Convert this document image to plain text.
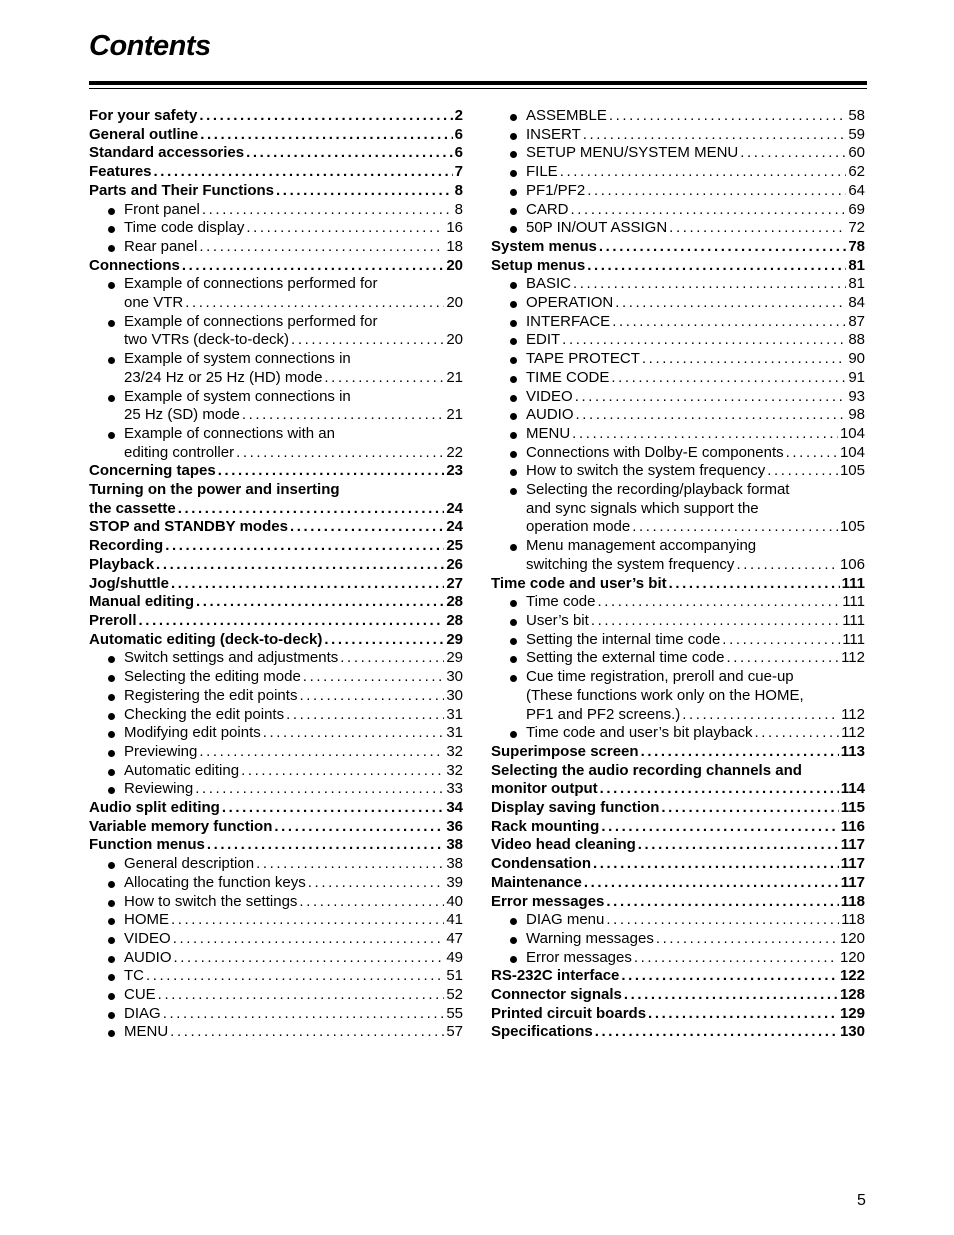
Contents
For your safety .....	2
General outline .....	6
Standard accessories .....	6
Features .....	7
Parts and Their Functions .....	8
Front panel .....	8
Time code display .....	16
Rear panel .....	18
Connections .....	20
Example of connections performed for
one VTR .....	20
Example of connections performed for
two VTRs (deck-to-deck) .....	20
Example of system connections in
23/24 Hz or 25 Hz (HD) mode .....	21
Example of system connections in
25 Hz (SD) mode .....	21
Example of connections with an
editing controller .....	22
Concerning tapes .....	23
Turning on the power and inserting
the cassette .....	24
STOP and STANDBY modes .....	24
Recording .....	25
Playback .....	26
Jog/shuttle .....	27
Manual editing .....	28
Preroll .....	28
Automatic editing (deck-to-deck) .....	29
Switch settings and adjustments .....	29
Selecting the editing mode .....	30
Registering the edit points .....	30
Checking the edit points .....	31
Modifying edit points .....	31
Previewing .....	32
Automatic editing .....	32
Reviewing .....	33
Audio split editing .....	34
Variable memory function .....	36
Function menus .....	38
General description .....	38
Allocating the function keys .....	39
How to switch the settings .....	40
HOME .....	41
VIDEO .....	47
AUDIO .....	49
TC .....	51
CUE .....	52
DIAG .....	55
MENU .....	57
ASSEMBLE .....	58
INSERT .....	59
SETUP MENU/SYSTEM MENU .....	60
FILE .....	62
PF1/PF2 .....	64
CARD .....	69
50P IN/OUT ASSIGN .....	72
System menus .....	78
Setup menus .....	81
BASIC .....	81
OPERATION .....	84
INTERFACE .....	87
EDIT .....	88
TAPE PROTECT .....	90
TIME CODE .....	91
VIDEO .....	93
AUDIO .....	98
MENU .....	104
Connections with Dolby-E components .....	104
How to switch the system frequency .....	105
Selecting the recording/playback format
and sync signals which support the
operation mode .....	105
Menu management accompanying
switching the system frequency .....	106
Time code and user’s bit .....	111
Time code .....	111
User’s bit .....	111
Setting the internal time code .....	111
Setting the external time code .....	112
Cue time registration, preroll and cue-up
(These functions work only on the HOME,
PF1 and PF2 screens.) .....	112
Time code and user’s bit playback .....	112
Superimpose screen .....	113
Selecting the audio recording channels and
monitor output .....	114
Display saving function .....	115
Rack mounting .....	116
Video head cleaning .....	117
Condensation .....	117
Maintenance .....	117
Error messages .....	118
DIAG menu .....	118
Warning messages .....	120
Error messages .....	120
RS-232C interface .....	122
Connector signals .....	128
Printed circuit boards .....	129
Specifications .....	130
5
